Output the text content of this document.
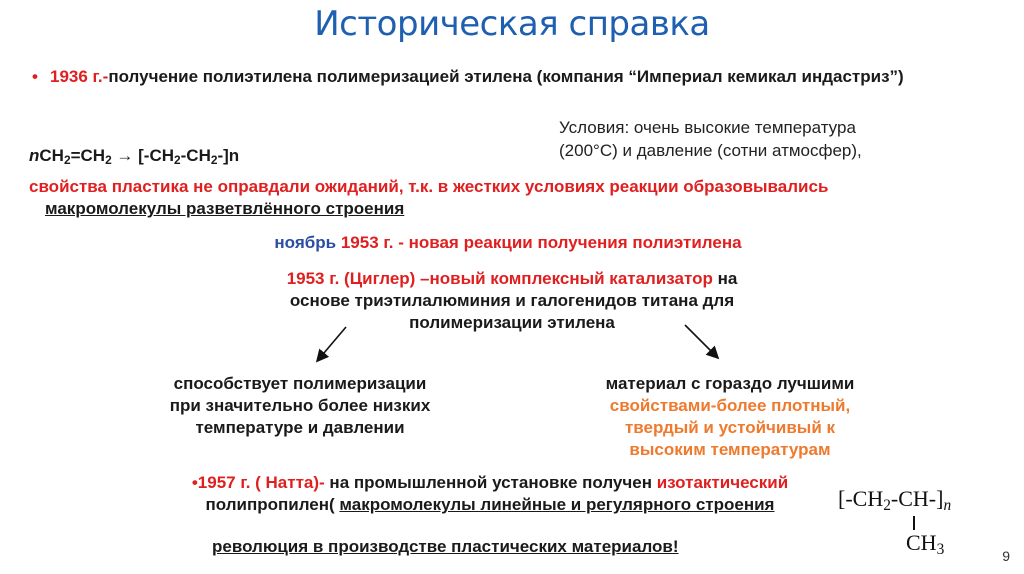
Историческая справка
• 1936 г.-получение полиэтилена полимеризацией этилена (компания “Империал кемикал индастриз”)
Условия: очень высокие температура
(200°C) и давление (сотни атмосфер),
$nCH_2=CH_2 \to [-CH_2-CH_2-]n$
свойства пластика не оправдали ожиданий, т.к. в жестких условиях реакции образовывались
макромолекулы разветвлённого строения
ноябрь 1953 г. - новая реакции получения полиэтилена
1953 г. (Циглер) –новый комплексный катализатор на
основе триэтилалюминия и галогенидов титана для
полимеризации этилена
способствует полимеризации
при значительно более низких
температуре и давлении
материал с гораздо лучшими
свойствами-более плотный,
твердый и устойчивый к
высоким температурам
•1957 г. ( Натта)- на промышленной установке получен изотактический
полипропилен( макромолекулы линейные и регулярного строения
революция в производстве пластических материалов!
$[-CH_2-CH-]_n$
$CH_3$	9
